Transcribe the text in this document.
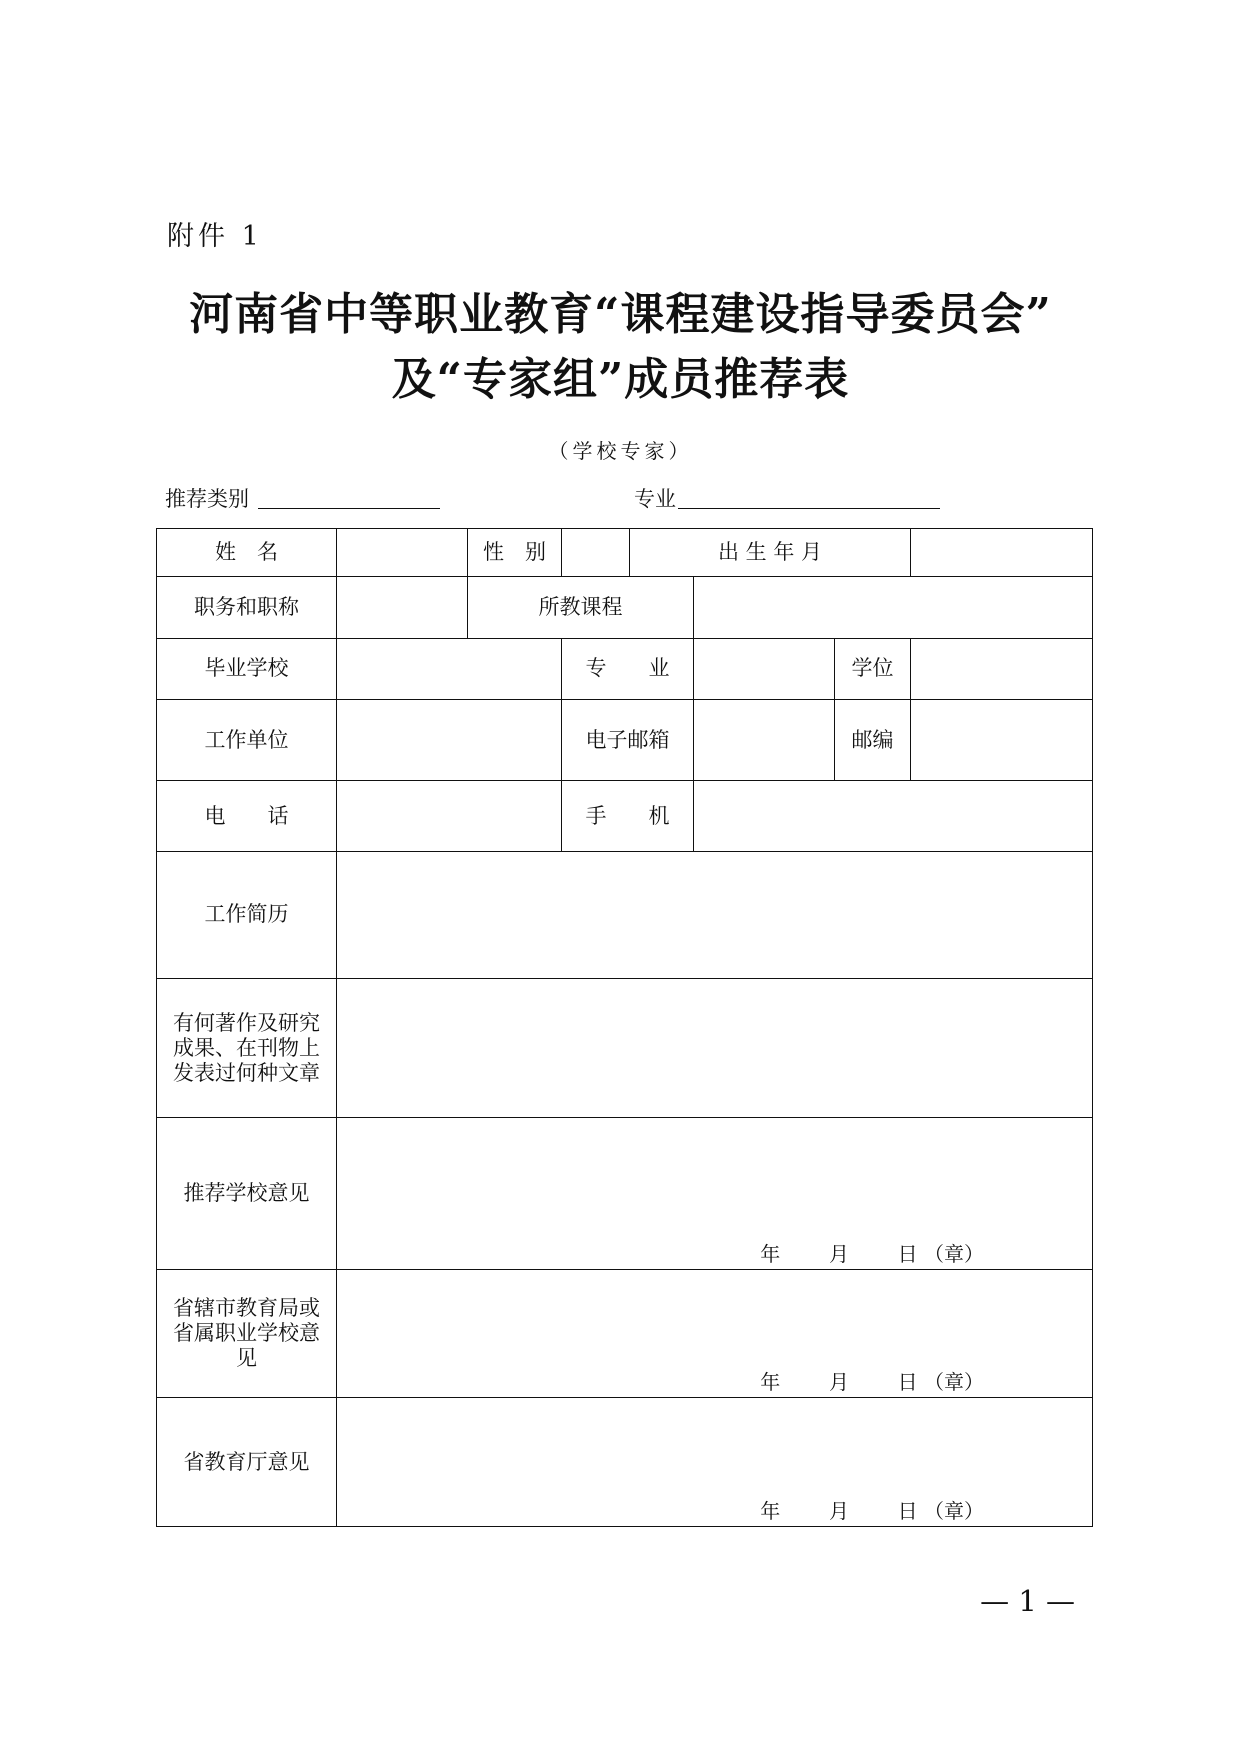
附件 1
河南省中等职业教育“课程建设指导委员会”
及“专家组”成员推荐表
（学校专家）
推荐类别	专业
姓　名		性　别		出 生 年 月			
职务和职称		所教课程					
毕业学校			专　　业			学位	
工作单位			电子邮箱			邮编	
电　　话			手　　机				
工作简历							
有何著作及研究成果、在刊物上发表过何种文章							
推荐学校意见	年 月 日 （章）						

省辖市教育局或省属职业学校意见	年 月 日 （章）						

省教育厅意见	年 月 日 （章）						
— 1 —
